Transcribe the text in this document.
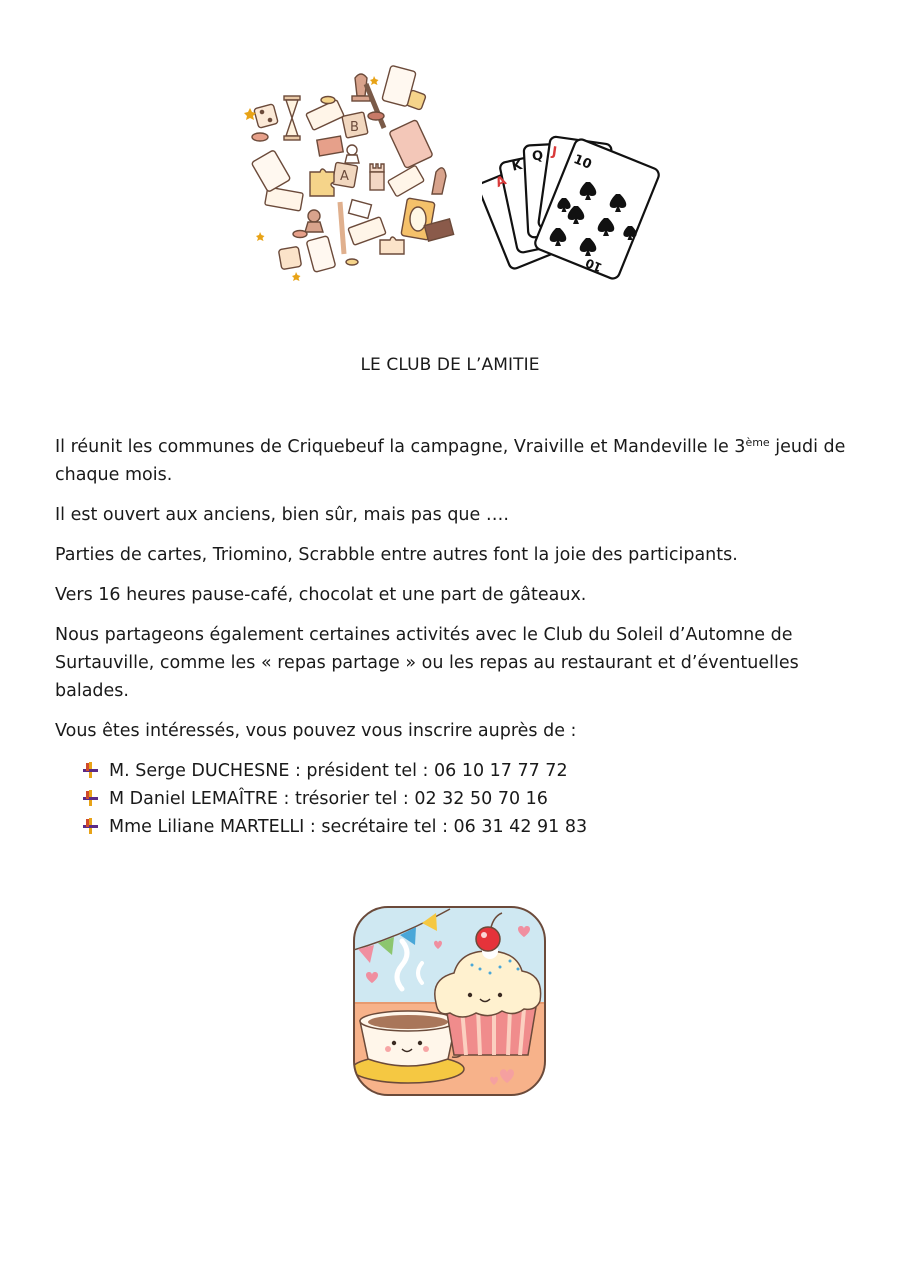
B
A	A
K
Q J 10
10
LE CLUB DE L’AMITIE

Il réunit les communes de Criquebeuf la campagne, Vraiville et Mandeville le 3ème jeudi de chaque mois.

Il est ouvert aux anciens, bien sûr, mais pas que ….

Parties de cartes, Triomino, Scrabble entre autres font la joie des participants.

Vers 16 heures pause-café, chocolat et une part de gâteaux.

Nous partageons également certaines activités avec le Club du Soleil d’Automne de Surtauville, comme les « repas partage » ou les repas au restaurant et d’éventuelles balades.

Vous êtes intéressés, vous pouvez vous inscrire auprès de :

M. Serge DUCHESNE : président tel : 06 10 17 77 72
M Daniel LEMAÎTRE : trésorier tel : 02 32 50 70 16
Mme Liliane MARTELLI : secrétaire tel : 06 31 42 91 83
